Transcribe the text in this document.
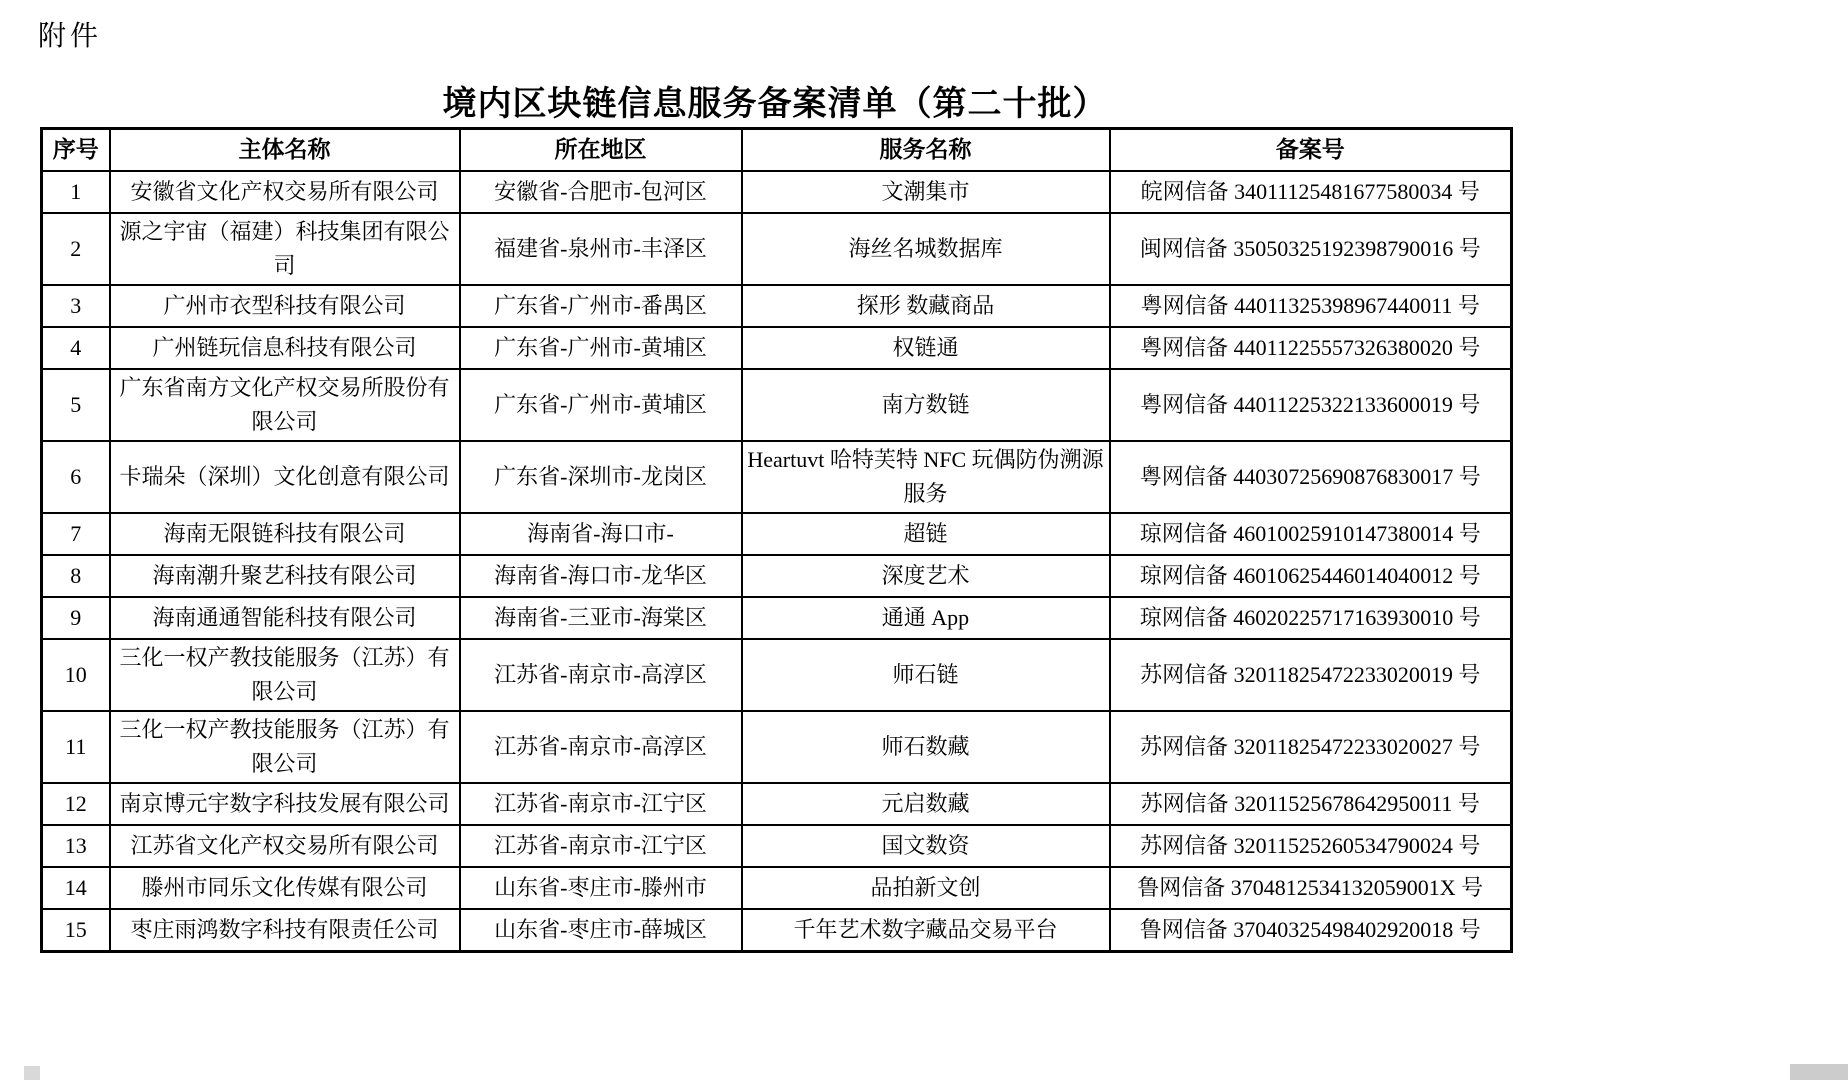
附件
境内区块链信息服务备案清单（第二十批）
序号	主体名称	所在地区	服务名称	备案号
1	安徽省文化产权交易所有限公司	安徽省-合肥市-包河区	文潮集市	皖网信备 34011125481677580034 号
2	源之宇宙（福建）科技集团有限公司	福建省-泉州市-丰泽区	海丝名城数据库	闽网信备 35050325192398790016 号
3	广州市衣型科技有限公司	广东省-广州市-番禺区	探形 数藏商品	粤网信备 44011325398967440011 号
4	广州链玩信息科技有限公司	广东省-广州市-黄埔区	权链通	粤网信备 44011225557326380020 号
5	广东省南方文化产权交易所股份有限公司	广东省-广州市-黄埔区	南方数链	粤网信备 44011225322133600019 号
6	卡瑞朵（深圳）文化创意有限公司	广东省-深圳市-龙岗区	Heartuvt 哈特芙特 NFC 玩偶防伪溯源服务	粤网信备 44030725690876830017 号
7	海南无限链科技有限公司	海南省-海口市-	超链	琼网信备 46010025910147380014 号
8	海南潮升聚艺科技有限公司	海南省-海口市-龙华区	深度艺术	琼网信备 46010625446014040012 号
9	海南通通智能科技有限公司	海南省-三亚市-海棠区	通通 App	琼网信备 46020225717163930010 号
10	三化一权产教技能服务（江苏）有限公司	江苏省-南京市-高淳区	师石链	苏网信备 32011825472233020019 号
11	三化一权产教技能服务（江苏）有限公司	江苏省-南京市-高淳区	师石数藏	苏网信备 32011825472233020027 号
12	南京博元宇数字科技发展有限公司	江苏省-南京市-江宁区	元启数藏	苏网信备 32011525678642950011 号
13	江苏省文化产权交易所有限公司	江苏省-南京市-江宁区	国文数资	苏网信备 32011525260534790024 号
14	滕州市同乐文化传媒有限公司	山东省-枣庄市-滕州市	品拍新文创	鲁网信备 3704812534132059001X 号
15	枣庄雨鸿数字科技有限责任公司	山东省-枣庄市-薛城区	千年艺术数字藏品交易平台	鲁网信备 37040325498402920018 号
